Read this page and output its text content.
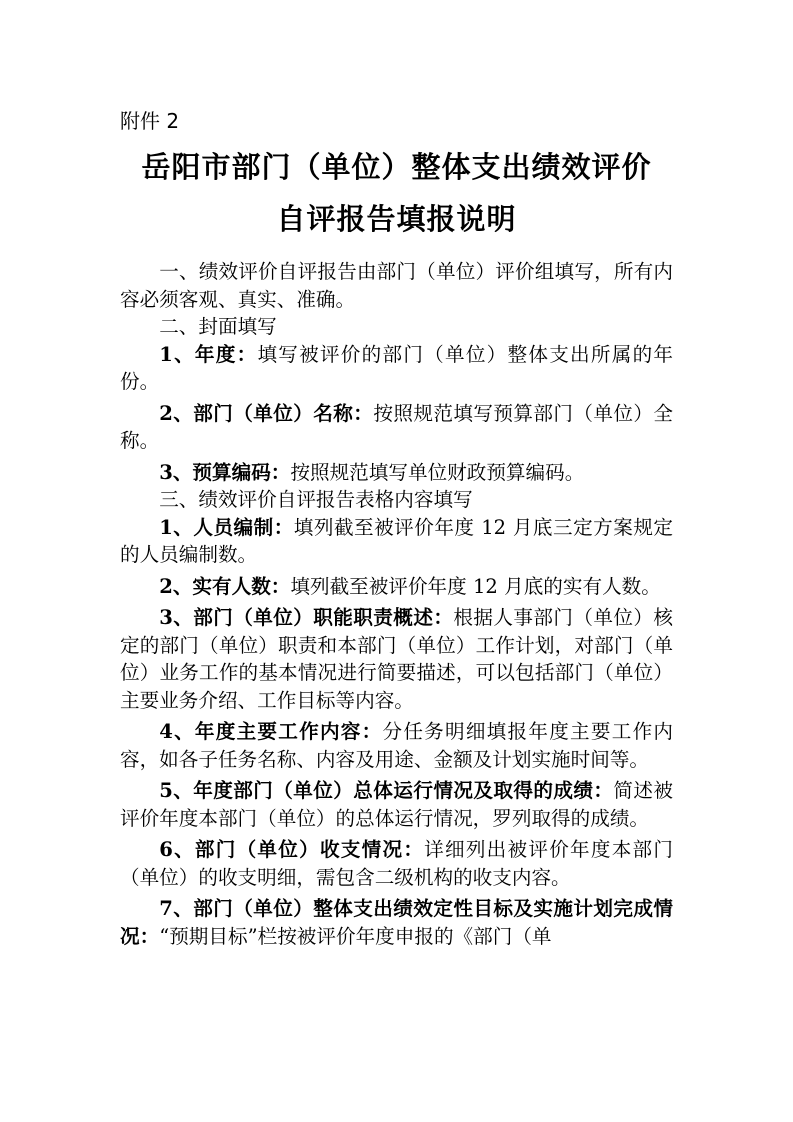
附件 2
岳阳市部门（单位）整体支出绩效评价
自评报告填报说明

一、绩效评价自评报告由部门（单位）评价组填写，所有内容必须客观、真实、准确。

二、封面填写

1、年度：填写被评价的部门（单位）整体支出所属的年份。

2、部门（单位）名称：按照规范填写预算部门（单位）全称。

3、预算编码：按照规范填写单位财政预算编码。

三、绩效评价自评报告表格内容填写

1、人员编制：填列截至被评价年度 12 月底三定方案规定的人员编制数。

2、实有人数：填列截至被评价年度 12 月底的实有人数。

3、部门（单位）职能职责概述：根据人事部门（单位）核定的部门（单位）职责和本部门（单位）工作计划，对部门（单位）业务工作的基本情况进行简要描述，可以包括部门（单位）主要业务介绍、工作目标等内容。

4、年度主要工作内容：分任务明细填报年度主要工作内容，如各子任务名称、内容及用途、金额及计划实施时间等。

5、年度部门（单位）总体运行情况及取得的成绩：简述被评价年度本部门（单位）的总体运行情况，罗列取得的成绩。

6、部门（单位）收支情况：详细列出被评价年度本部门（单位）的收支明细，需包含二级机构的收支内容。

7、部门（单位）整体支出绩效定性目标及实施计划完成情况：“预期目标”栏按被评价年度申报的《部门（单
